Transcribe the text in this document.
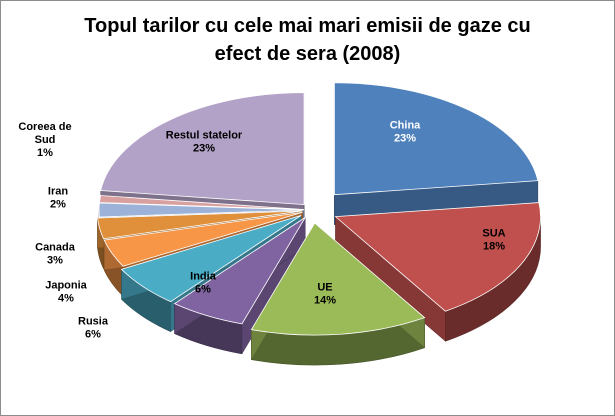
Topul tarilor cu cele mai mari emisii de gaze cu
efect de sera (2008)
China 23%
SUA 18%
UE 14%
India 6%
Rusia 6%
Japonia 4%
Canada 3%
Iran 2%
Coreea de Sud 1%
Restul statelor 23%
